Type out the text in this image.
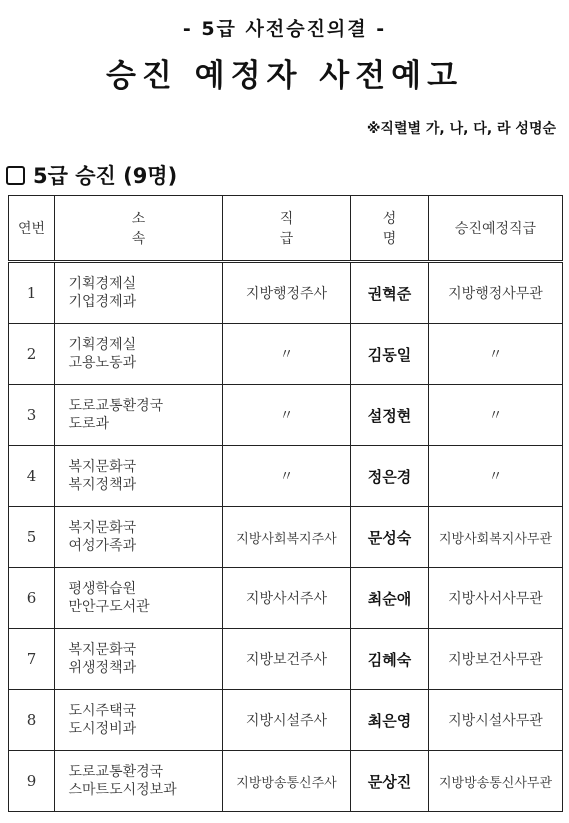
- 5급 사전승진의결 -
승진 예정자 사전예고
※직렬별 가, 나, 다, 라 성명순
5급 승진 (9명)
연번	소 속	직 급	성 명	승진예정직급
1	기획경제실
기업경제과	지방행정주사	권혁준	지방행정사무관
2	기획경제실
고용노동과	〃	김동일	〃
3	도로교통환경국
도로과	〃	설정현	〃
4	복지문화국
복지정책과	〃	정은경	〃
5	복지문화국
여성가족과	지방사회복지주사	문성숙	지방사회복지사무관
6	평생학습원
만안구도서관	지방사서주사	최순애	지방사서사무관
7	복지문화국
위생정책과	지방보건주사	김혜숙	지방보건사무관
8	도시주택국
도시정비과	지방시설주사	최은영	지방시설사무관
9	도로교통환경국
스마트도시정보과	지방방송통신주사	문상진	지방방송통신사무관
